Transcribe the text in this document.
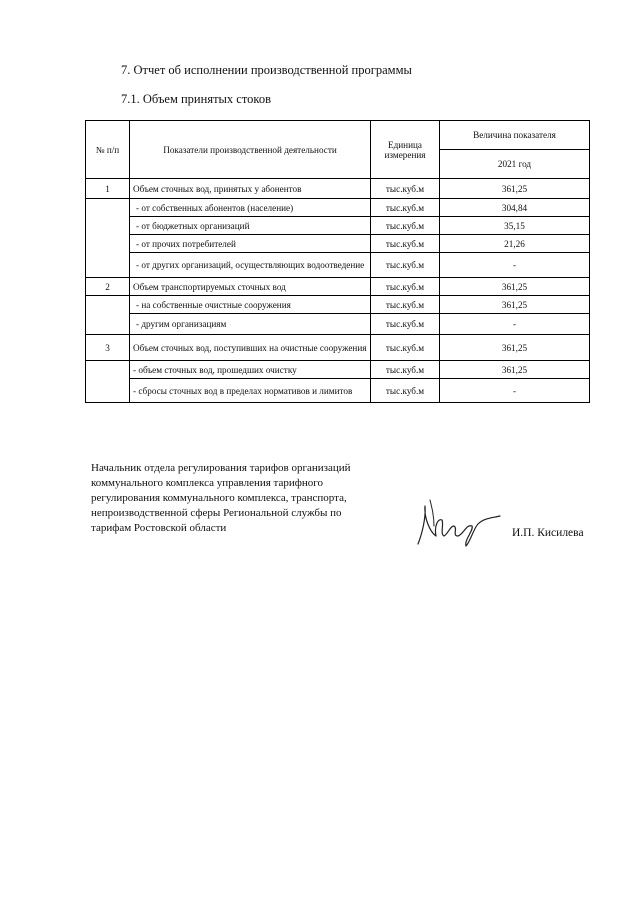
7. Отчет об исполнении производственной программы
7.1. Объем принятых стоков
№ п/п	Показатели производственной деятельности	Единица измерения	Величина показателя
			2021 год
1	Объем сточных вод, принятых у абонентов	тыс.куб.м	361,25
	- от собственных абонентов (население)	тыс.куб.м	304,84
	- от бюджетных организаций	тыс.куб.м	35,15
	- от прочих потребителей	тыс.куб.м	21,26
	- от других организаций, осуществляющих водоотведение	тыс.куб.м	-
2	Объем транспортируемых сточных вод	тыс.куб.м	361,25
	- на собственные очистные сооружения	тыс.куб.м	361,25
	- другим организациям	тыс.куб.м	-
3	Объем сточных вод, поступивших на очистные сооружения	тыс.куб.м	361,25
	- объем сточных вод, прошедших очистку	тыс.куб.м	361,25
	- сбросы сточных вод в пределах нормативов и лимитов	тыс.куб.м	-
Начальник отдела регулирования тарифов организаций
коммунального комплекса управления тарифного
регулирования коммунального комплекса, транспорта,
непроизводственной сферы Региональной службы по
тарифам Ростовской области	И.П. Кисилева
